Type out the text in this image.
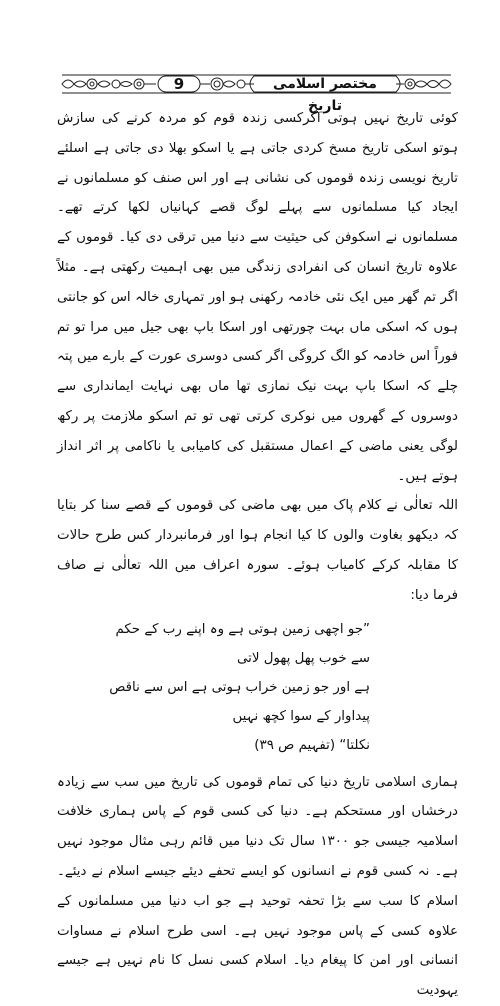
9	مختصر اسلامی تاریخ

کوئی تاریخ نہیں ہوتی اگرکسی زندہ قوم کو مردہ کرنے کی سازش ہوتو اسکی تاریخ مسخ کردی جاتی ہے یا اسکو بھلا دی جاتی ہے اسلئے تاریخ نویسی زندہ قوموں کی نشانی ہے اور اس صنف کو مسلمانوں نے ایجاد کیا مسلمانوں سے پہلے لوگ قصے کہانیاں لکھا کرتے تھے۔ مسلمانوں نے اسکوفن کی حیثیت سے دنیا میں ترقی دی کیا۔ قوموں کے علاوہ تاریخ انسان کی انفرادی زندگی میں بھی اہمیت رکھتی ہے۔ مثلاً اگر تم گھر میں ایک نئی خادمہ رکھنی ہو اور تمہاری خالہ اس کو جانتی ہوں کہ اسکی ماں بہت چورتھی اور اسکا باپ بھی جیل میں مرا تو تم فوراً اس خادمہ کو الگ کروگی اگر کسی دوسری عورت کے بارے میں پتہ چلے کہ اسکا باپ بہت نیک نمازی تھا ماں بھی نہایت ایمانداری سے دوسروں کے گھروں میں نوکری کرتی تھی تو تم اسکو ملازمت پر رکھ لوگی یعنی ماضی کے اعمال مستقبل کی کامیابی یا ناکامی پر اثر انداز ہوتے ہیں۔

اللہ تعالٰی نے کلام پاک میں بھی ماضی کی قوموں کے قصے سنا کر بتایا کہ دیکھو بغاوت والوں کا کیا انجام ہوا اور فرمانبردار کس طرح حالات کا مقابلہ کرکے کامیاب ہوئے۔ سورہ اعراف میں اللہ تعالٰی نے صاف فرما دیا:

”جو اچھی زمین ہوتی ہے وہ اپنے رب کے حکم سے خوب پھل پھول لاتی

ہے اور جو زمین خراب ہوتی ہے اس سے ناقص پیداوار کے سوا کچھ نہیں

نکلتا“ (تفہیم ص ۳۹)

ہماری اسلامی تاریخ دنیا کی تمام قوموں کی تاریخ میں سب سے زیادہ درخشاں اور مستحکم ہے۔ دنیا کی کسی قوم کے پاس ہماری خلافت اسلامیہ جیسی جو ۱۳۰۰ سال تک دنیا میں قائم رہی مثال موجود نہیں ہے۔ نہ کسی قوم نے انسانوں کو ایسے تحفے دیئے جیسے اسلام نے دیئے۔ اسلام کا سب سے بڑا تحفہ توحید ہے جو اب دنیا میں مسلمانوں کے علاوہ کسی کے پاس موجود نہیں ہے۔ اسی طرح اسلام نے مساوات انسانی اور امن کا پیغام دیا۔ اسلام کسی نسل کا نام نہیں ہے جیسے یہودیت
